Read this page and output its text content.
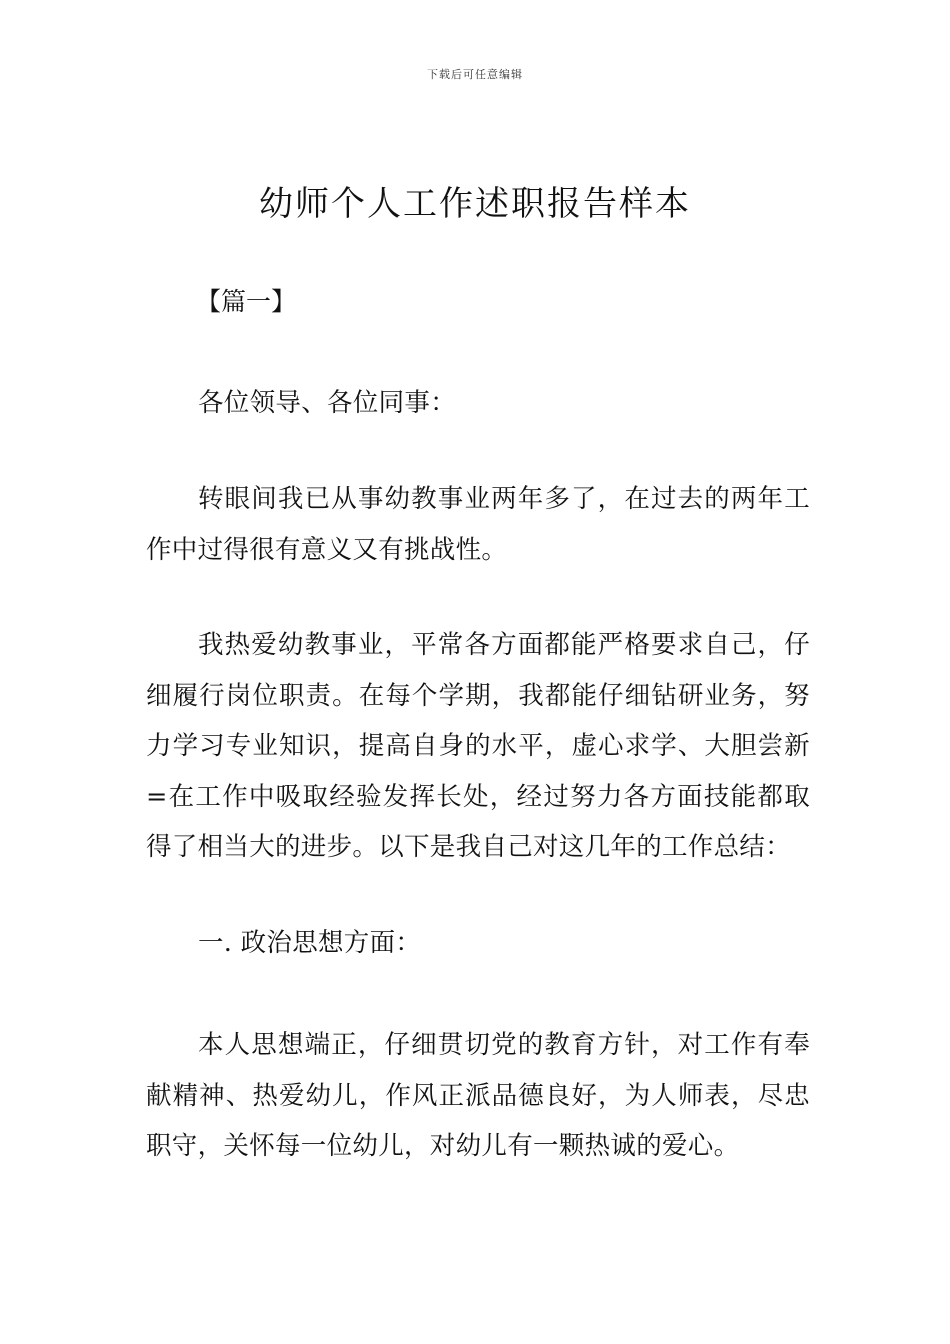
下载后可任意编辑
幼师个人工作述职报告样本
【篇一】
各位领导、各位同事：
转眼间我已从事幼教事业两年多了，在过去的两年工作中过得很有意义又有挑战性。
我热爱幼教事业，平常各方面都能严格要求自己，仔细履行岗位职责。在每个学期，我都能仔细钻研业务，努力学习专业知识，提高自身的水平，虚心求学、大胆尝新=在工作中吸取经验发挥长处，经过努力各方面技能都取得了相当大的进步。以下是我自己对这几年的工作总结：
一. 政治思想方面：
本人思想端正，仔细贯切党的教育方针，对工作有奉献精神、热爱幼儿，作风正派品德良好，为人师表，尽忠职守，关怀每一位幼儿，对幼儿有一颗热诚的爱心。
